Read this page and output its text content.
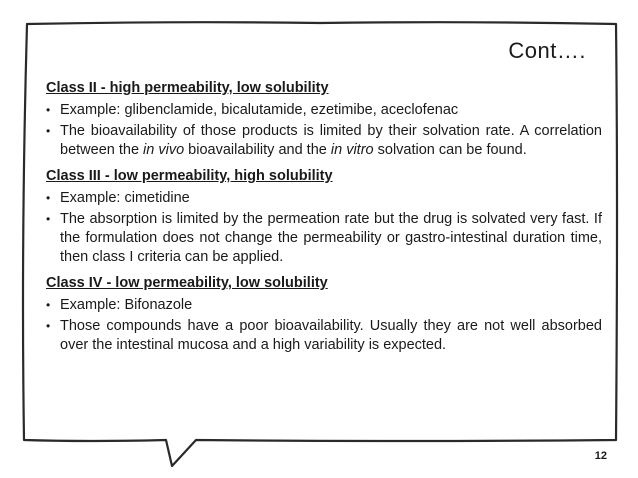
Cont….

Class II - high permeability, low solubility

• Example: glibenclamide, bicalutamide, ezetimibe, aceclofenac
• The bioavailability of those products is limited by their solvation rate. A correlation between the in vivo bioavailability and the in vitro solvation can be found.

Class III - low permeability, high solubility

• Example: cimetidine
• The absorption is limited by the permeation rate but the drug is solvated very fast. If the formulation does not change the permeability or gastro-intestinal duration time, then class I criteria can be applied.

Class IV - low permeability, low solubility

• Example: Bifonazole
• Those compounds have a poor bioavailability. Usually they are not well absorbed over the intestinal mucosa and a high variability is expected.
12
